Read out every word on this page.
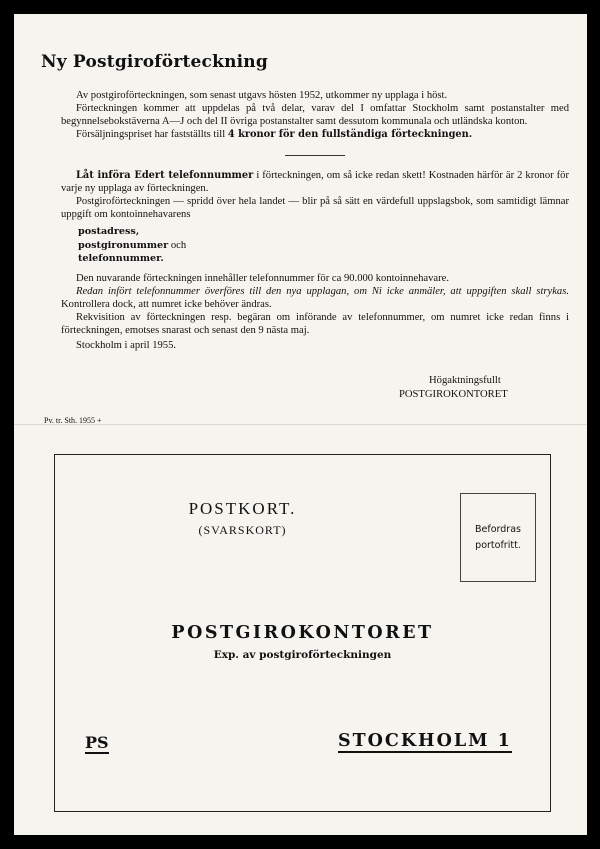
Ny Postgiroförteckning

Av postgiroförteckningen, som senast utgavs hösten 1952, utkommer ny upplaga i höst.

Förteckningen kommer att uppdelas på två delar, varav del I omfattar Stockholm samt postanstalter med begynnelsebokstäverna A—J och del II övriga postanstalter samt dessutom kommunala och utländska konton.

Försäljningspriset har fastställts till 4 kronor för den fullständiga förteckningen.

Låt införa Edert telefonnummer i förteckningen, om så icke redan skett! Kostnaden härför är 2 kronor för varje ny upplaga av förteckningen.

Postgiroförteckningen — spridd över hela landet — blir på så sätt en värdefull uppslagsbok, som samtidigt lämnar uppgift om kontoinnehavarens

postadress,
postgironummer och
telefonnummer.

Den nuvarande förteckningen innehåller telefonnummer för ca 90.000 kontoinnehavare.

Redan infört telefonnummer överföres till den nya upplagan, om Ni icke anmäler, att uppgiften skall strykas. Kontrollera dock, att numret icke behöver ändras.

Rekvisition av förteckningen resp. begäran om införande av telefonnummer, om numret icke redan finns i förteckningen, emotses snarast och senast den 9 nästa maj.

Stockholm i april 1955.

Högaktningsfullt
POSTGIROKONTORET
Pv. tr. Sth. 1955 +
POSTKORT.
(SVARSKORT)	Befordras
portofritt.
POSTGIROKONTORET
Exp. av postgiroförteckningen
PS	STOCKHOLM 1
